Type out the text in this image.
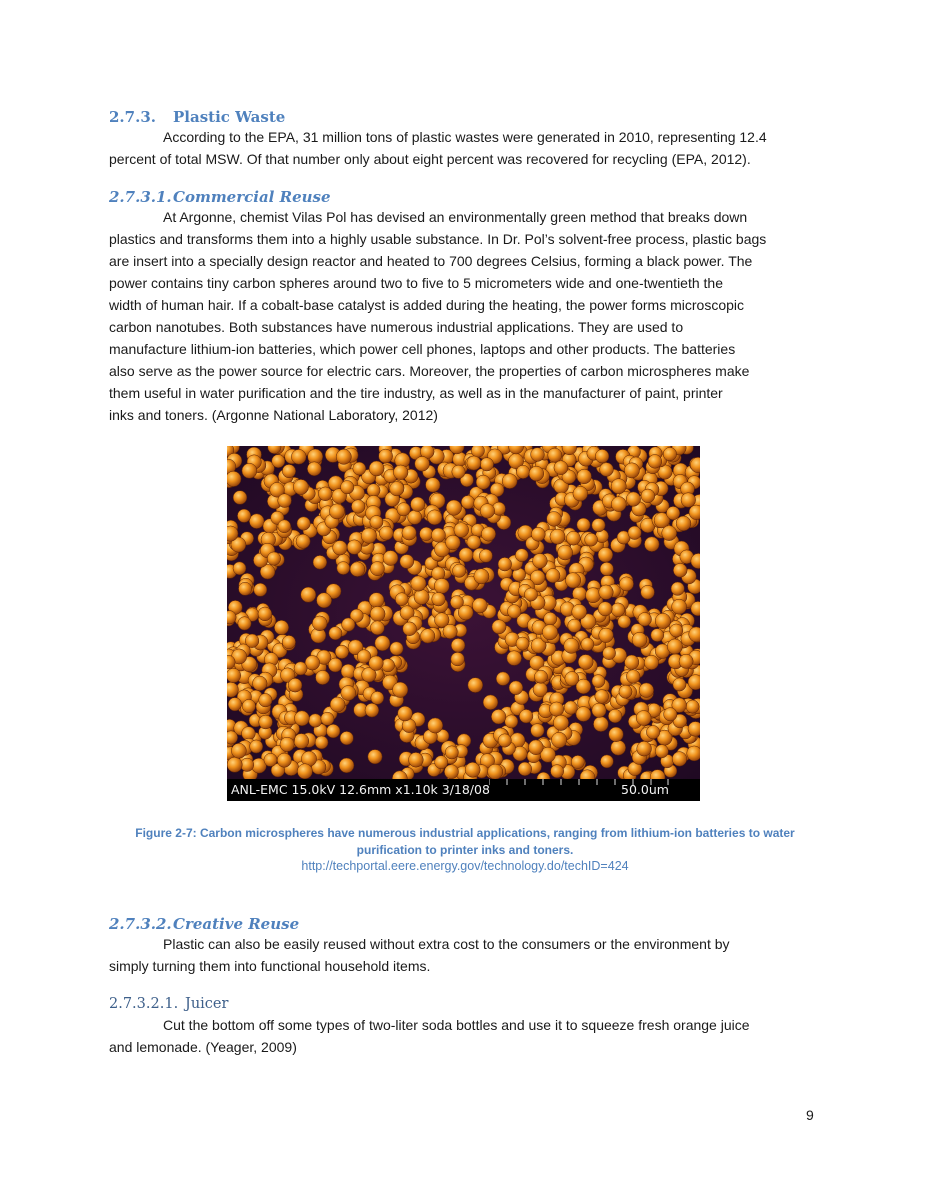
2.7.3. Plastic Waste
According to the EPA, 31 million tons of plastic wastes were generated in 2010, representing 12.4
percent of total MSW. Of that number only about eight percent was recovered for recycling (EPA, 2012).
2.7.3.1.Commercial Reuse
At Argonne, chemist Vilas Pol has devised an environmentally green method that breaks down
plastics and transforms them into a highly usable substance. In Dr. Pol’s solvent-free process, plastic bags
are insert into a specially design reactor and heated to 700 degrees Celsius, forming a black power. The
power contains tiny carbon spheres around two to five to 5 micrometers wide and one-twentieth the
width of human hair. If a cobalt-base catalyst is added during the heating, the power forms microscopic
carbon nanotubes. Both substances have numerous industrial applications. They are used to
manufacture lithium-ion batteries, which power cell phones, laptops and other products. The batteries
also serve as the power source for electric cars. Moreover, the properties of carbon microspheres make
them useful in water purification and the tire industry, as well as in the manufacturer of paint, printer
inks and toners. (Argonne National Laboratory, 2012)
ANL-EMC 15.0kV 12.6mm x1.10k 3/18/08	50.0um
Figure 2-7: Carbon microspheres have numerous industrial applications, ranging from lithium-ion batteries to water
purification to printer inks and toners.
http://techportal.eere.energy.gov/technology.do/techID=424
2.7.3.2.Creative Reuse
Plastic can also be easily reused without extra cost to the consumers or the environment by
simply turning them into functional household items.
2.7.3.2.1. Juicer
Cut the bottom off some types of two-liter soda bottles and use it to squeeze fresh orange juice
and lemonade. (Yeager, 2009)
9
